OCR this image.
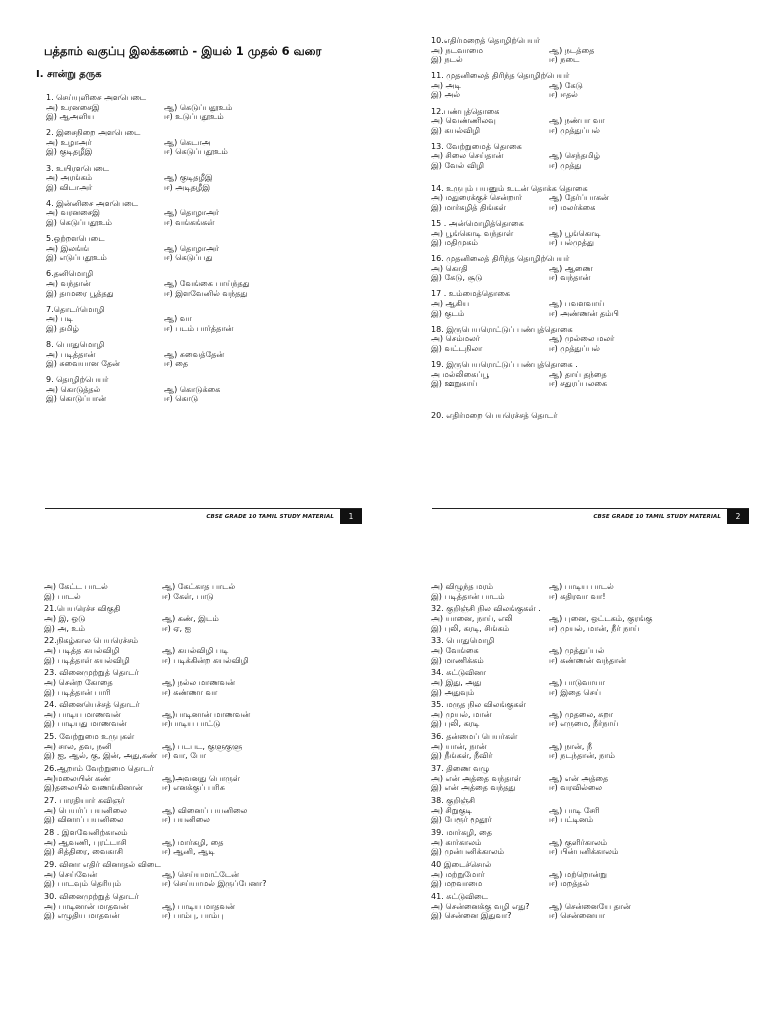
பத்தாம் வகுப்பு இலக்கணம் - இயல் 1 முதல் 6 வரை
I. சான்று தருக
1. செய்யுளிசை அளபெடை
அ) உரனசைஇ	ஆ) கெடுப்பதூஉம்
இ) ஆஅளிய	ஈ) உடுப்பதூஉம்
2. இசைநிறை அளபெடை
அ) உழாஅர்	ஆ) கெடாஅ
இ) குடிதழீஇ	ஈ) கெடுப்பதூஉம்
3. உயிரளபெடை
அ) அரங்கம்	ஆ) குடிதழீஇ
இ) விடாஅர்	ஈ) அடிதழீஇ
4. இன்னிசை அளபெடை
அ) வரனசைஇ	ஆ) தொழாஅர்
இ) கெடுப்பதூஉம்	ஈ) வங்கங்கள்
5.ஒற்றளபெடை
அ) இலங்ங்	ஆ) தொழாஅர்
இ) எடுப்பதூஉம்	ஈ) கெடுப்பது
6.தனிமொழி
அ) வந்தான்	ஆ) வேங்கை பாய்ந்தது
இ) தாமரை பூத்தது	ஈ) இளவேனில் வந்தது
7.தொடர்மொழி
அ) படி	ஆ) வா
இ) தமிழ்	ஈ) படம் பார்த்தான்
8. பொதுமொழி
அ) படித்தான்	ஆ) சுவைத்தேன்
இ) சுவையான தேன்	ஈ) தை
9. தொழிற்பெயர்
அ) கொடுத்தல்	ஆ) கொடுக்கை
இ) கொடுப்பான்	ஈ) கொடு
CBSE GRADE 10 TAMIL STUDY MATERIAL	1
10.எதிர்மறைத் தொழிற்பெயர்
அ) நடவாமை	ஆ) நடத்தை
இ) நடல்	ஈ) நடை
11. முதனிலைத் திரிந்த தொழிற்பெயர்
அ) அடி	ஆ) கேடு
இ) அல்	ஈ) ஈதல்
12.பண்புத்தொகை
அ) வெண்ணிலவு	ஆ) நண்பா வா
இ) கயல்விழி	ஈ) முத்துப்பல்
13. வேற்றுமைத் தொகை
அ) சிலை செய்தான்	ஆ) செந்தமிழ்
இ) வேல் விழி	ஈ) முத்து
14. உருபும் பயனும் உடன் தொக்க தொகை
அ) மதுரைக்குச் சென்றார்	ஆ) தேர்ப்பாகன்
இ) மார்கழித் திங்கள்	ஈ) மலர்க்கை
15 . அன்மொழித்தொகை
அ) பூங்கொடி வந்தாள்	ஆ) பூங்கொடி
இ) மதிமுகம்	ஈ) பல்முத்து
16. முதனிலைத் திரிந்த தொழிற்பெயர்
அ) கொதி	ஆ) ஆணை
இ) கேடு, சூடு	ஈ) வந்தான்
17 . உம்மைத்தொகை
அ) ஆகிய	ஆ) பவளவாய்
இ) குடம்	ஈ) அண்ணன் தம்பி
18. இருபெயரொட்டுப் பண்புத்தொகை
அ) செம்மலர்	ஆ) முல்லை மலர்
இ) வட்டநிலா	ஈ) முத்துப்பல்
19. இருபெயரொட்டுப் பண்புத்தொகை .
அ மல்லிகைப்பூ	ஆ) தாய் தந்தை
இ) ஊறுகாய்	ஈ) சதுரப்பலகை
20. எதிர்மறை பெயரெச்சத் தொடர்
CBSE GRADE 10 TAMIL STUDY MATERIAL	2
அ) கேட்ட பாடல்	ஆ) கேட்காத பாடல்
இ) பாடல்	ஈ) கேள், பாடு
21.பெயரெச்ச விகுதி
அ) இ, ஒடு	ஆ) கண், இடம்
இ) அ, உம்	ஈ) ஏ, ஐ
22.நிகழ்கால பெயரெச்சம்
அ) படித்த கயல்விழி	ஆ) கயல்விழி படி
இ) படித்தாள் கயல்விழி	ஈ) படிக்கின்ற கயல்விழி
23. வினைமுற்றுத் தொடர்
அ) சென்ற கோதை	ஆ) நல்ல மாணவன்
இ) படித்தான் பாரி	ஈ) கண்ணா வா
24. வினையெச்சத் தொடர்
அ) பாடிய மாணவன்	ஆ)பாடினான் மாணவன்
இ) பாடியது மாணவன்	ஈ)பாடிய பாட்டு
25. வேற்றுமை உருபுகள்
அ) சால, தவ, நனி	ஆ) படபட, குளுகுளு
இ) ஐ, ஆல், கு, இன், அது,கண் ஈ) வா, போ
26.ஆறாம் வேற்றுமை தொடர்
அ)மலையின் கண்	ஆ)அவனது பொருள்
இ)தலையில் வணங்கினான்	ஈ) எனக்குப் பரிசு
27. பாரதியார் கவிஞர்
அ) பெயர்ப் பயனிலை	ஆ) வினைப் பயனிலை
இ) வினாப் பயனிலை	ஈ) பயனிலை
28 . இளவேனிற்காலம்
அ) ஆவணி, புரட்டாசி	ஆ) மார்கழி, தை
இ) சித்திரை, வைகாசி	ஈ) ஆனி, ஆடி
29. வினா எதிர் வினாதல் விடை
அ) செய்வேன்	ஆ) செய்யமாட்டேன்
இ) பாடவும் தெரியும்	ஈ) செய்யாமல் இருப்பேனா?
30. வினைமுற்றுத் தொடர்
அ) பாடினான் மாதவன்	ஆ) பாடிய மாதவன்
இ) எழுதிய மாதவன்	ஈ) பாம்பு, பாம்பு
அ) விழுந்த மரம்	ஆ) பாடிய பாடல்
இ) படித்தான் பாடம்	ஈ) கதிரவா வா!
32. குறிஞ்சி நில விலங்குகள் .
அ) யானை, நாய், எலி	ஆ) புனை, ஒட்டகம், குரங்கு
இ) புலி, கரடி, சிங்கம்	ஈ) முயல், மான், நீர் நாய்
33. பொதுமொழி
அ) வேங்கை	ஆ) முத்துப்பல்
இ) மாணிக்கம்	ஈ) கண்ணன் வந்தான்
34. சுட்டுவினா
அ) இது, அது	ஆ) பாடுவாயா
இ) அதுவும்	ஈ) இதை செய்
35. மருத நில விலங்குகள்
அ) முயல், மான்	ஆ) முதலை, சுறா
இ) புலி, கரடி	ஈ) எருமை, நீர்நாய்
36. தன்மைப் பெயர்கள்
அ) யான், நான்	ஆ) நான், நீ
இ) நீங்கள், நீவிர்	ஈ) நடந்தான், நாம்
37. திணை வழு
அ) என் அத்தை வந்தாள்	ஆ) என் அத்தை
இ) என் அத்தை வந்தது	ஈ) வரவில்லை
38. குறிஞ்சி
அ) சிறுகுடி	ஆ) பாடி சேரி
இ) பேரூர் மூதூர்	ஈ) பட்டினம்
39. மார்கழி, தை
அ) கார்காலம்	ஆ) குளிர்காலம்
இ) முன்பனிக்காலம்	ஈ) பின்பனிக்காலம்
40 இடைச்சொல்
அ) மற்றுமோர்	ஆ) மற்றொன்று
இ) மறவாமை	ஈ) மறத்தல்
41. சுட்டுவிடை
அ) சென்னைக்கு வழி எது?	ஆ) சென்னையே தான்
இ) சென்னை இதுவா?	ஈ) சென்னையா
